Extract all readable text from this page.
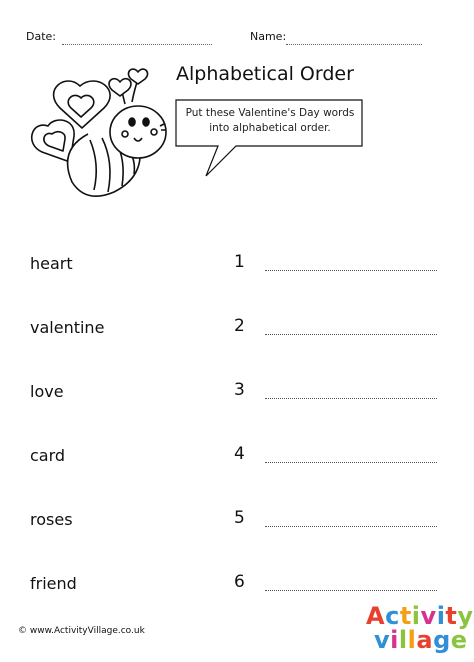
Date:	Name:
Alphabetical Order
Put these Valentine's Day words
into alphabetical order.
heart	1
valentine	2
love	3
card	4
roses	5
friend	6
© www.ActivityVillage.co.uk
Activity
village
